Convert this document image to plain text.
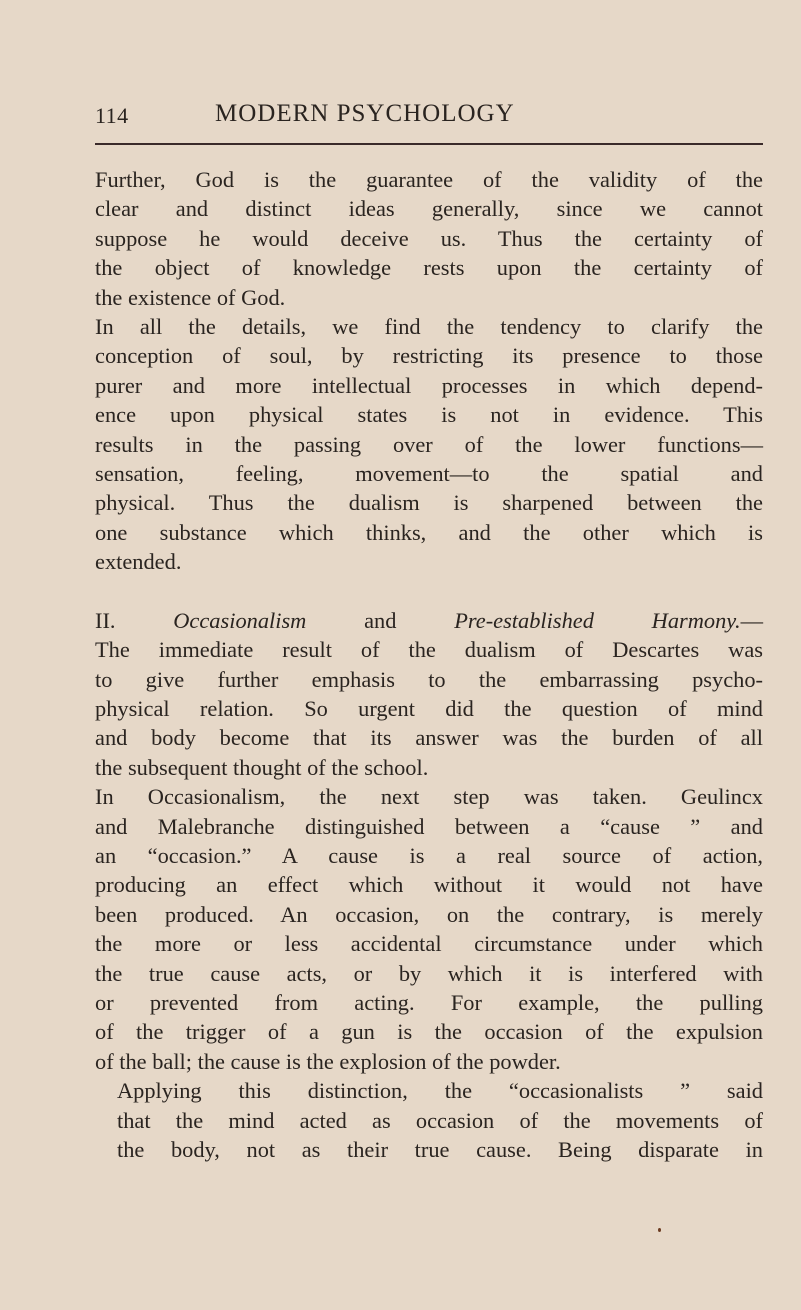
114	MODERN PSYCHOLOGY
Further, God is the guarantee of the validity of the
clear and distinct ideas generally, since we cannot
suppose he would deceive us. Thus the certainty of
the object of knowledge rests upon the certainty of
the existence of God.
In all the details, we find the tendency to clarify the
conception of soul, by restricting its presence to those
purer and more intellectual processes in which depend-
ence upon physical states is not in evidence. This
results in the passing over of the lower functions—
sensation, feeling, movement—to the spatial and
physical. Thus the dualism is sharpened between the
one substance which thinks, and the other which is
extended.
II.	Occasionalism	and	Pre-established Harmony.—
The immediate result of the dualism of Descartes was
to give further emphasis to the embarrassing psycho-
physical relation. So urgent did the question of mind
and body become that its answer was the burden of all
the subsequent thought of the school.
In Occasionalism, the next step was taken. Geulincx
and Malebranche distinguished between a “cause ” and
an “occasion.” A cause is a real source of action,
producing an effect which without it would not have
been produced. An occasion, on the contrary, is merely
the more or less accidental circumstance under which
the true cause acts, or by which it is interfered with
or prevented from acting. For example, the pulling
of the trigger of a gun is the occasion of the expulsion
of the ball; the cause is the explosion of the powder.
Applying this distinction, the “occasionalists ” said
that the mind acted as occasion of the movements of
the body, not as their true cause. Being disparate in
